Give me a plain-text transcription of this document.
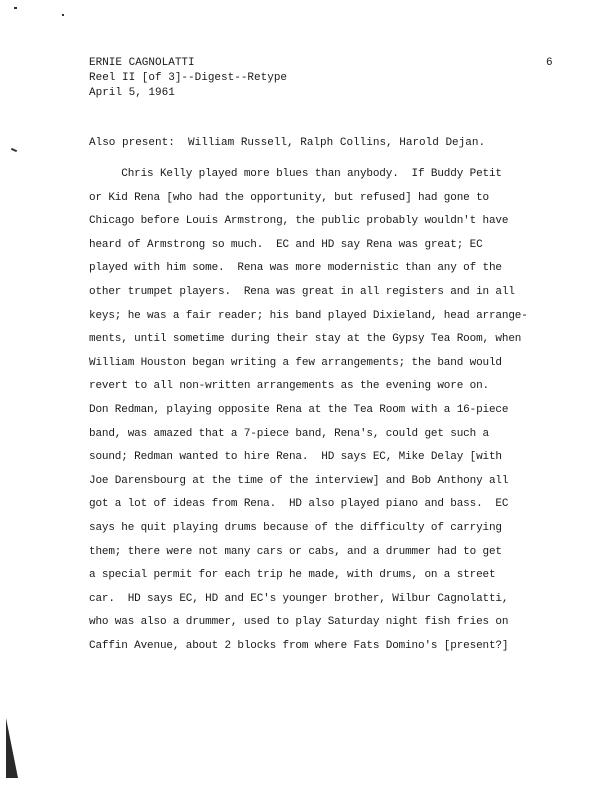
ERNIE CAGNOLATTI
Reel II [of 3]--Digest--Retype
April 5, 1961
6
Also present:  William Russell, Ralph Collins, Harold Dejan.
Chris Kelly played more blues than anybody.  If Buddy Petit
or Kid Rena [who had the opportunity, but refused] had gone to
Chicago before Louis Armstrong, the public probably wouldn't have
heard of Armstrong so much.  EC and HD say Rena was great; EC
played with him some.  Rena was more modernistic than any of the
other trumpet players.  Rena was great in all registers and in all
keys; he was a fair reader; his band played Dixieland, head arrange-
ments, until sometime during their stay at the Gypsy Tea Room, when
William Houston began writing a few arrangements; the band would
revert to all non-written arrangements as the evening wore on.
Don Redman, playing opposite Rena at the Tea Room with a 16-piece
band, was amazed that a 7-piece band, Rena's, could get such a
sound; Redman wanted to hire Rena.  HD says EC, Mike Delay [with
Joe Darensbourg at the time of the interview] and Bob Anthony all
got a lot of ideas from Rena.  HD also played piano and bass.  EC
says he quit playing drums because of the difficulty of carrying
them; there were not many cars or cabs, and a drummer had to get
a special permit for each trip he made, with drums, on a street
car.  HD says EC, HD and EC's younger brother, Wilbur Cagnolatti,
who was also a drummer, used to play Saturday night fish fries on
Caffin Avenue, about 2 blocks from where Fats Domino's [present?]
